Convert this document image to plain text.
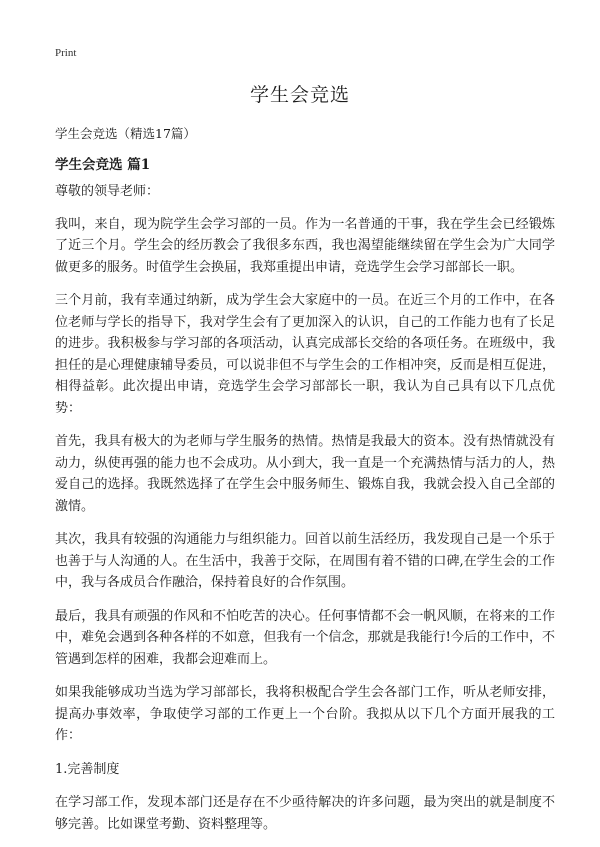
Print
学生会竞选

学生会竞选（精选17篇）

学生会竞选 篇1

尊敬的领导老师：

我叫，来自，现为院学生会学习部的一员。作为一名普通的干事，我在学生会已经锻炼了近三个月。学生会的经历教会了我很多东西，我也渴望能继续留在学生会为广大同学做更多的服务。时值学生会换届，我郑重提出申请，竞选学生会学习部部长一职。

三个月前，我有幸通过纳新，成为学生会大家庭中的一员。在近三个月的工作中，在各位老师与学长的指导下，我对学生会有了更加深入的认识，自己的工作能力也有了长足的进步。我积极参与学习部的各项活动，认真完成部长交给的各项任务。在班级中，我担任的是心理健康辅导委员，可以说非但不与学生会的工作相冲突，反而是相互促进，相得益彰。此次提出申请，竞选学生会学习部部长一职，我认为自己具有以下几点优势：

首先，我具有极大的为老师与学生服务的热情。热情是我最大的资本。没有热情就没有动力，纵使再强的能力也不会成功。从小到大，我一直是一个充满热情与活力的人，热爱自己的选择。我既然选择了在学生会中服务师生、锻炼自我，我就会投入自己全部的激情。

其次，我具有较强的沟通能力与组织能力。回首以前生活经历，我发现自己是一个乐于也善于与人沟通的人。在生活中，我善于交际，在周围有着不错的口碑,在学生会的工作中，我与各成员合作融洽，保持着良好的合作氛围。

最后，我具有顽强的作风和不怕吃苦的决心。任何事情都不会一帆风顺，在将来的工作中，难免会遇到各种各样的不如意，但我有一个信念，那就是我能行!今后的工作中，不管遇到怎样的困难，我都会迎难而上。

如果我能够成功当选为学习部部长，我将积极配合学生会各部门工作，听从老师安排，提高办事效率，争取使学习部的工作更上一个台阶。我拟从以下几个方面开展我的工作：

1.完善制度

在学习部工作，发现本部门还是存在不少亟待解决的许多问题，最为突出的就是制度不够完善。比如课堂考勤、资料整理等。
